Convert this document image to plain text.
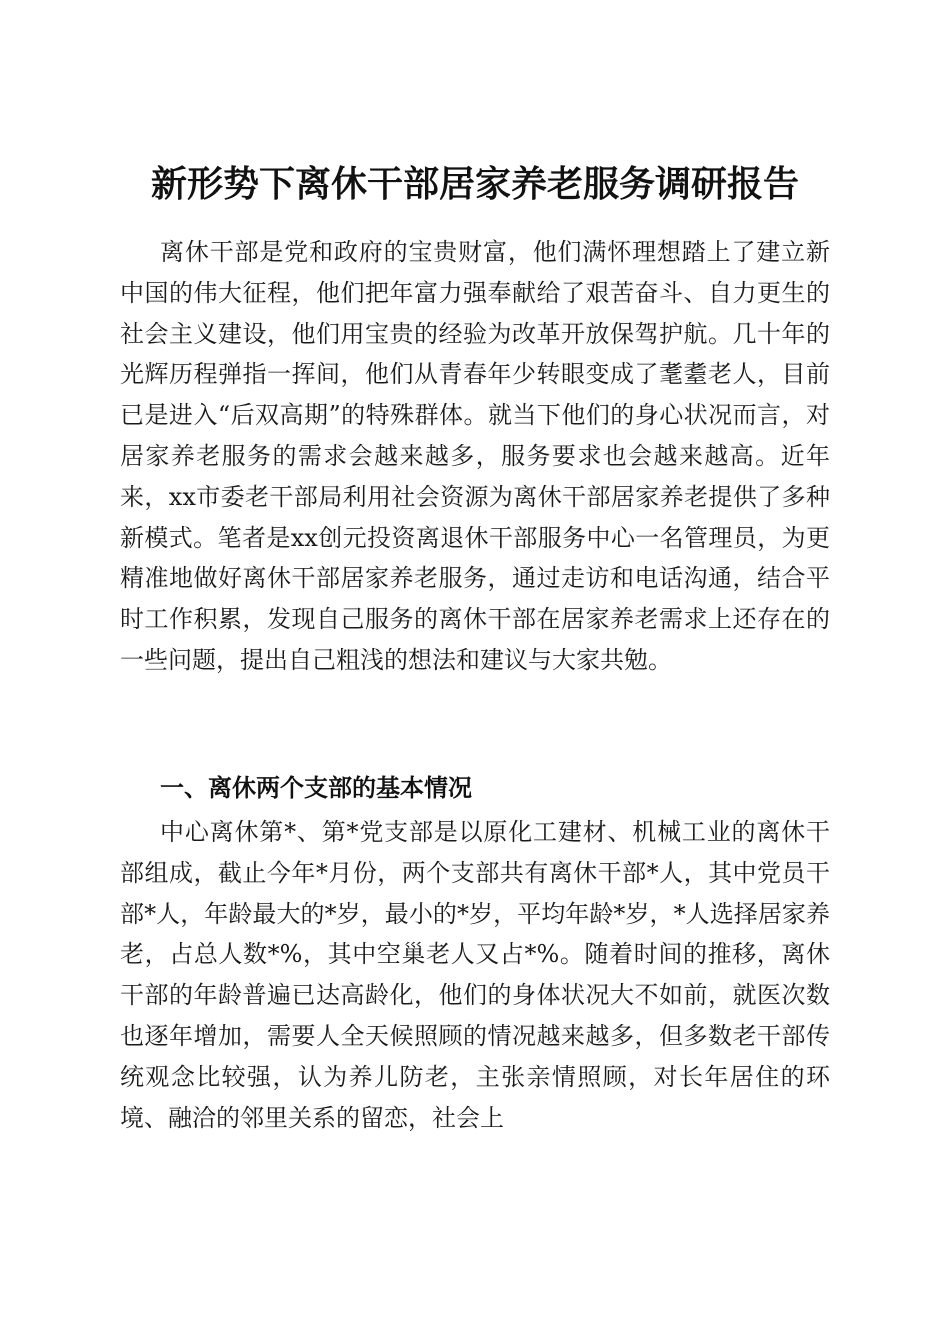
新形势下离休干部居家养老服务调研报告

离休干部是党和政府的宝贵财富，他们满怀理想踏上了建立新中国的伟大征程，他们把年富力强奉献给了艰苦奋斗、自力更生的社会主义建设，他们用宝贵的经验为改革开放保驾护航。几十年的光辉历程弹指一挥间，他们从青春年少转眼变成了耄耋老人，目前已是进入“后双高期”的特殊群体。就当下他们的身心状况而言，对居家养老服务的需求会越来越多，服务要求也会越来越高。近年来，xx市委老干部局利用社会资源为离休干部居家养老提供了多种新模式。笔者是xx创元投资离退休干部服务中心一名管理员，为更精准地做好离休干部居家养老服务，通过走访和电话沟通，结合平时工作积累，发现自己服务的离休干部在居家养老需求上还存在的一些问题，提出自己粗浅的想法和建议与大家共勉。

一、离休两个支部的基本情况

中心离休第*、第*党支部是以原化工建材、机械工业的离休干部组成，截止今年*月份，两个支部共有离休干部*人，其中党员干部*人，年龄最大的*岁，最小的*岁，平均年龄*岁，*人选择居家养老，占总人数*%，其中空巢老人又占*%。随着时间的推移，离休干部的年龄普遍已达高龄化，他们的身体状况大不如前，就医次数也逐年增加，需要人全天候照顾的情况越来越多，但多数老干部传统观念比较强，认为养儿防老，主张亲情照顾，对长年居住的环境、融洽的邻里关系的留恋，社会上
